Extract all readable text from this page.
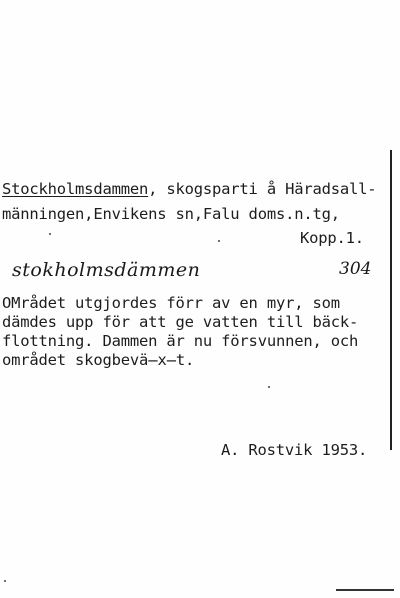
Stockholmsdammen, skogsparti å Häradsall-
männingen,Envikens sn,Falu doms.n.tg,
Kopp.1.
stokholmsdämmen	304
OMrådet utgjordes förr av en myr, som
dämdes upp för att ge vatten till bäck-
flottning. Dammen är nu försvunnen, och
området skogbevä̶x̶t.
A. Rostvik 1953.
